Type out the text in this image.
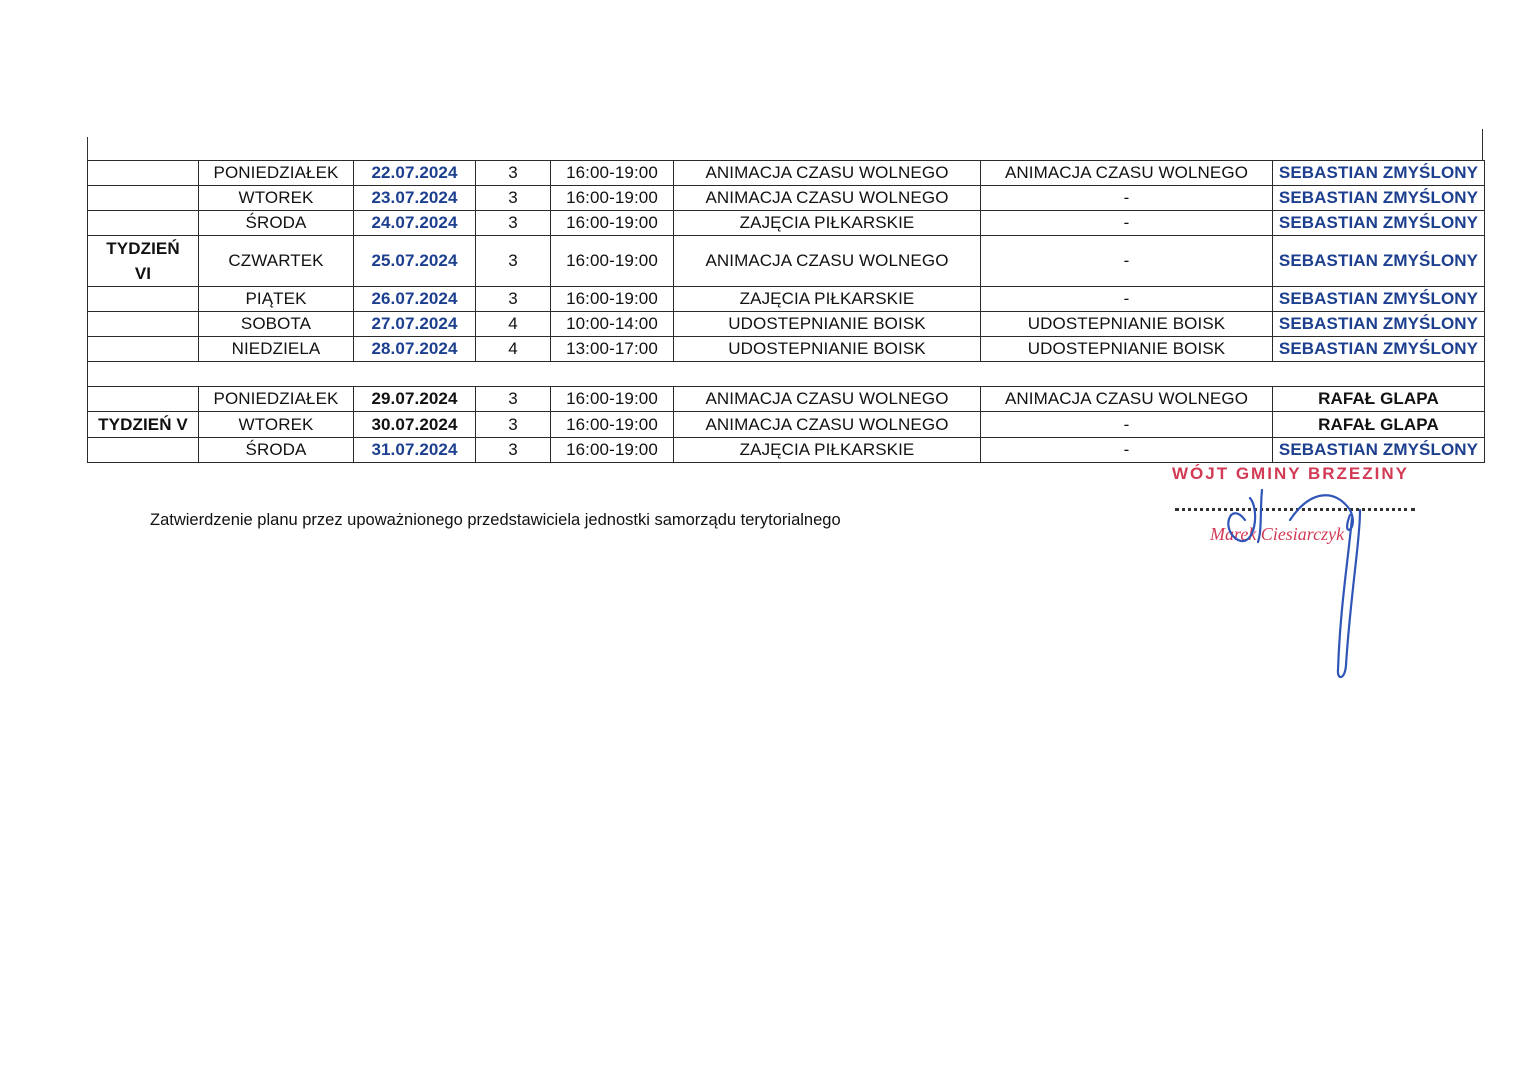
	PONIEDZIAŁEK	22.07.2024	3	16:00-19:00	ANIMACJA CZASU WOLNEGO	ANIMACJA CZASU WOLNEGO	SEBASTIAN ZMYŚLONY
	WTOREK	23.07.2024	3	16:00-19:00	ANIMACJA CZASU WOLNEGO	-	SEBASTIAN ZMYŚLONY
	ŚRODA	24.07.2024	3	16:00-19:00	ZAJĘCIA PIŁKARSKIE	-	SEBASTIAN ZMYŚLONY
TYDZIEŃ
VI	CZWARTEK	25.07.2024	3	16:00-19:00	ANIMACJA CZASU WOLNEGO	-	SEBASTIAN ZMYŚLONY
	PIĄTEK	26.07.2024	3	16:00-19:00	ZAJĘCIA PIŁKARSKIE	-	SEBASTIAN ZMYŚLONY
	SOBOTA	27.07.2024	4	10:00-14:00	UDOSTEPNIANIE BOISK	UDOSTEPNIANIE BOISK	SEBASTIAN ZMYŚLONY
	NIEDZIELA	28.07.2024	4	13:00-17:00	UDOSTEPNIANIE BOISK	UDOSTEPNIANIE BOISK	SEBASTIAN ZMYŚLONY

	PONIEDZIAŁEK	29.07.2024	3	16:00-19:00	ANIMACJA CZASU WOLNEGO	ANIMACJA CZASU WOLNEGO	RAFAŁ GLAPA
TYDZIEŃ V	WTOREK	30.07.2024	3	16:00-19:00	ANIMACJA CZASU WOLNEGO	-	RAFAŁ GLAPA
	ŚRODA	31.07.2024	3	16:00-19:00	ZAJĘCIA PIŁKARSKIE	-	SEBASTIAN ZMYŚLONY
Zatwierdzenie planu przez upoważnionego przedstawiciela jednostki samorządu terytorialnego
WÓJT GMINY BRZEZINY
Marek Ciesiarczyk
